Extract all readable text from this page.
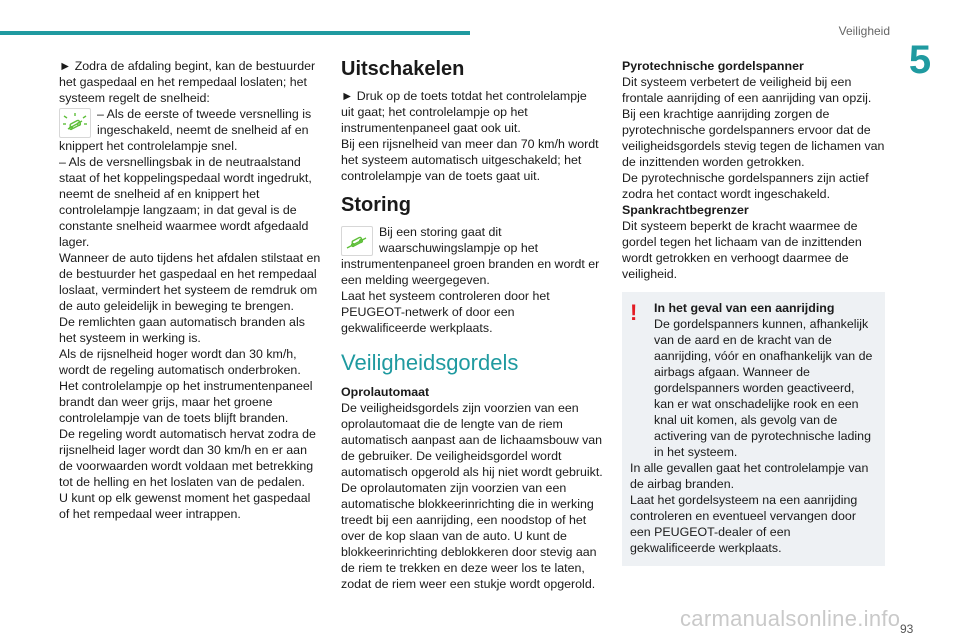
Veiligheid
5

► Zodra de afdaling begint, kan de bestuurder het gaspedaal en het rempedaal loslaten; het systeem regelt de snelheid:

– Als de eerste of tweede versnelling is ingeschakeld, neemt de snelheid af en knippert het controlelampje snel.

– Als de versnellingsbak in de neutraalstand staat of het koppelingspedaal wordt ingedrukt, neemt de snelheid af en knippert het controlelampje langzaam; in dat geval is de constante snelheid waarmee wordt afgedaald lager.

Wanneer de auto tijdens het afdalen stilstaat en de bestuurder het gaspedaal en het rempedaal loslaat, vermindert het systeem de remdruk om de auto geleidelijk in beweging te brengen.

De remlichten gaan automatisch branden als het systeem in werking is.

Als de rijsnelheid hoger wordt dan 30 km/h, wordt de regeling automatisch onderbroken. Het controlelampje op het instrumentenpaneel brandt dan weer grijs, maar het groene controlelampje van de toets blijft branden.

De regeling wordt automatisch hervat zodra de rijsnelheid lager wordt dan 30 km/h en er aan de voorwaarden wordt voldaan met betrekking tot de helling en het loslaten van de pedalen.

U kunt op elk gewenst moment het gaspedaal of het rempedaal weer intrappen.

Uitschakelen

► Druk op de toets totdat het controlelampje uit gaat; het controlelampje op het instrumentenpaneel gaat ook uit.

Bij een rijsnelheid van meer dan 70 km/h wordt het systeem automatisch uitgeschakeld; het controlelampje van de toets gaat uit.

Storing

Bij een storing gaat dit waarschuwingslampje op het instrumentenpaneel groen branden en wordt er een melding weergegeven.

Laat het systeem controleren door het PEUGEOT-netwerk of door een gekwalificeerde werkplaats.

Veiligheidsgordels

Oprolautomaat

De veiligheidsgordels zijn voorzien van een oprolautomaat die de lengte van de riem automatisch aanpast aan de lichaamsbouw van de gebruiker. De veiligheidsgordel wordt automatisch opgerold als hij niet wordt gebruikt. De oprolautomaten zijn voorzien van een automatische blokkeerinrichting die in werking treedt bij een aanrijding, een noodstop of het over de kop slaan van de auto. U kunt de blokkeerinrichting deblokkeren door stevig aan de riem te trekken en deze weer los te laten, zodat de riem weer een stukje wordt opgerold.

Pyrotechnische gordelspanner

Dit systeem verbetert de veiligheid bij een frontale aanrijding of een aanrijding van opzij.

Bij een krachtige aanrijding zorgen de pyrotechnische gordelspanners ervoor dat de veiligheidsgordels stevig tegen de lichamen van de inzittenden worden getrokken.

De pyrotechnische gordelspanners zijn actief zodra het contact wordt ingeschakeld.

Spankrachtbegrenzer

Dit systeem beperkt de kracht waarmee de gordel tegen het lichaam van de inzittenden wordt getrokken en verhoogt daarmee de veiligheid.

!	In het geval van een aanrijding

De gordelspanners kunnen, afhankelijk van de aard en de kracht van de aanrijding, vóór en onafhankelijk van de airbags afgaan. Wanneer de gordelspanners worden geactiveerd, kan er wat onschadelijke rook en een knal uit komen, als gevolg van de activering van de pyrotechnische lading in het systeem.

In alle gevallen gaat het controlelampje van de airbag branden.

Laat het gordelsysteem na een aanrijding controleren en eventueel vervangen door een PEUGEOT-dealer of een gekwalificeerde werkplaats.

93
carmanualsonline.info
